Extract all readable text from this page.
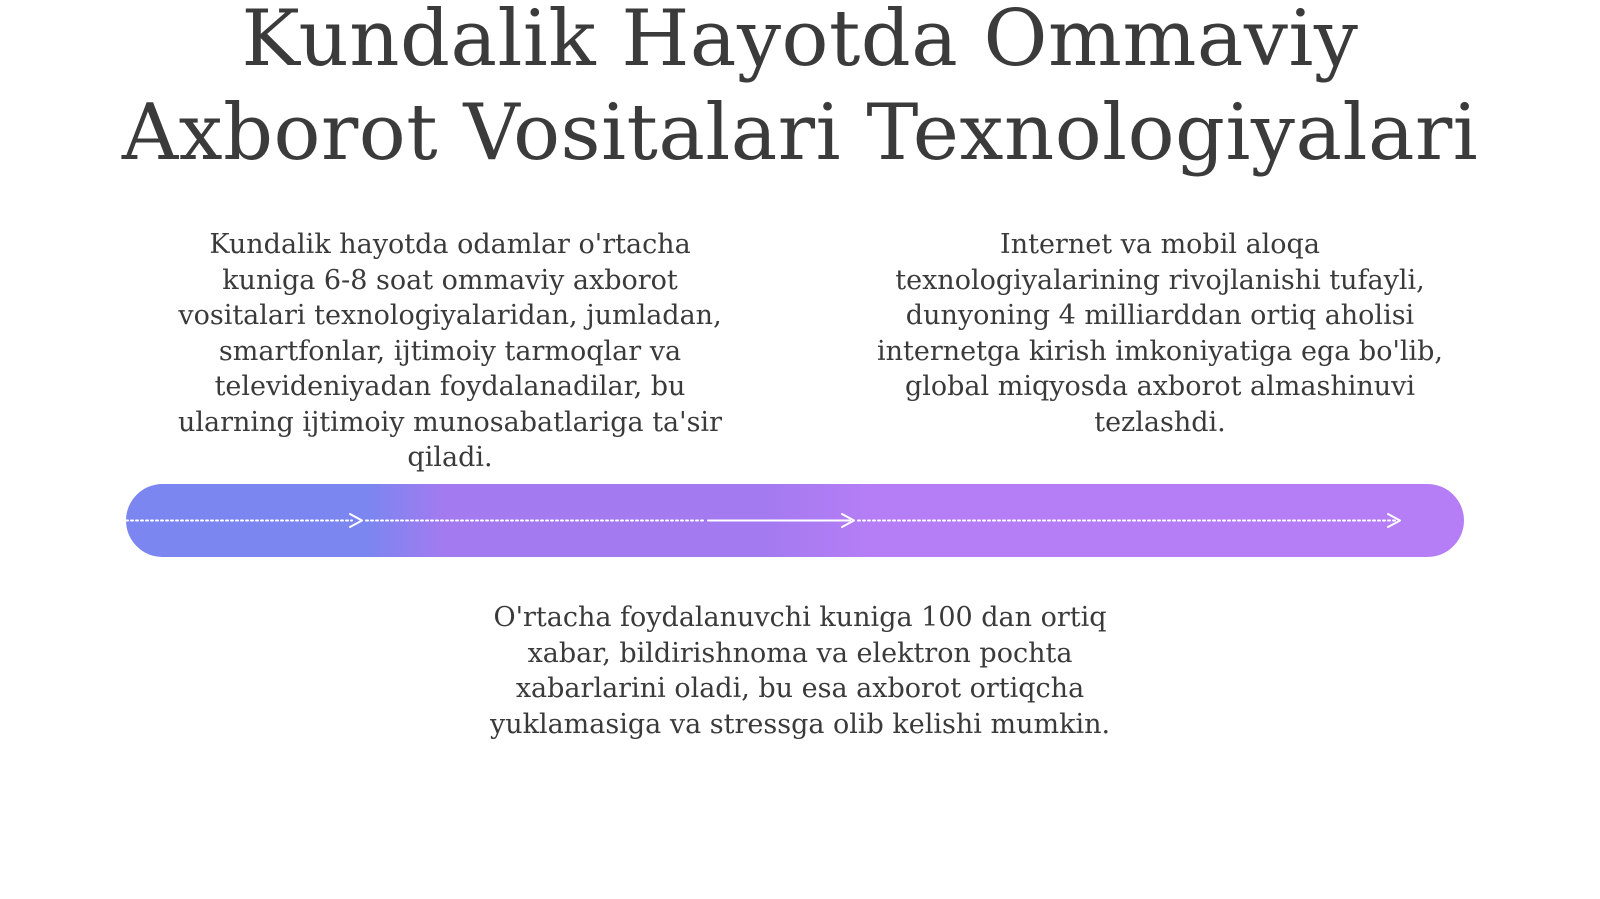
Kundalik Hayotda Ommaviy
Axborot Vositalari Texnologiyalari
Kundalik hayotda odamlar o'rtacha
kuniga 6-8 soat ommaviy axborot
vositalari texnologiyalaridan, jumladan,
smartfonlar, ijtimoiy tarmoqlar va
televideniyadan foydalanadilar, bu
ularning ijtimoiy munosabatlariga ta'sir
qiladi.
Internet va mobil aloqa
texnologiyalarining rivojlanishi tufayli,
dunyoning 4 milliarddan ortiq aholisi
internetga kirish imkoniyatiga ega bo'lib,
global miqyosda axborot almashinuvi
tezlashdi.
O'rtacha foydalanuvchi kuniga 100 dan ortiq
xabar, bildirishnoma va elektron pochta
xabarlarini oladi, bu esa axborot ortiqcha
yuklamasiga va stressga olib kelishi mumkin.
